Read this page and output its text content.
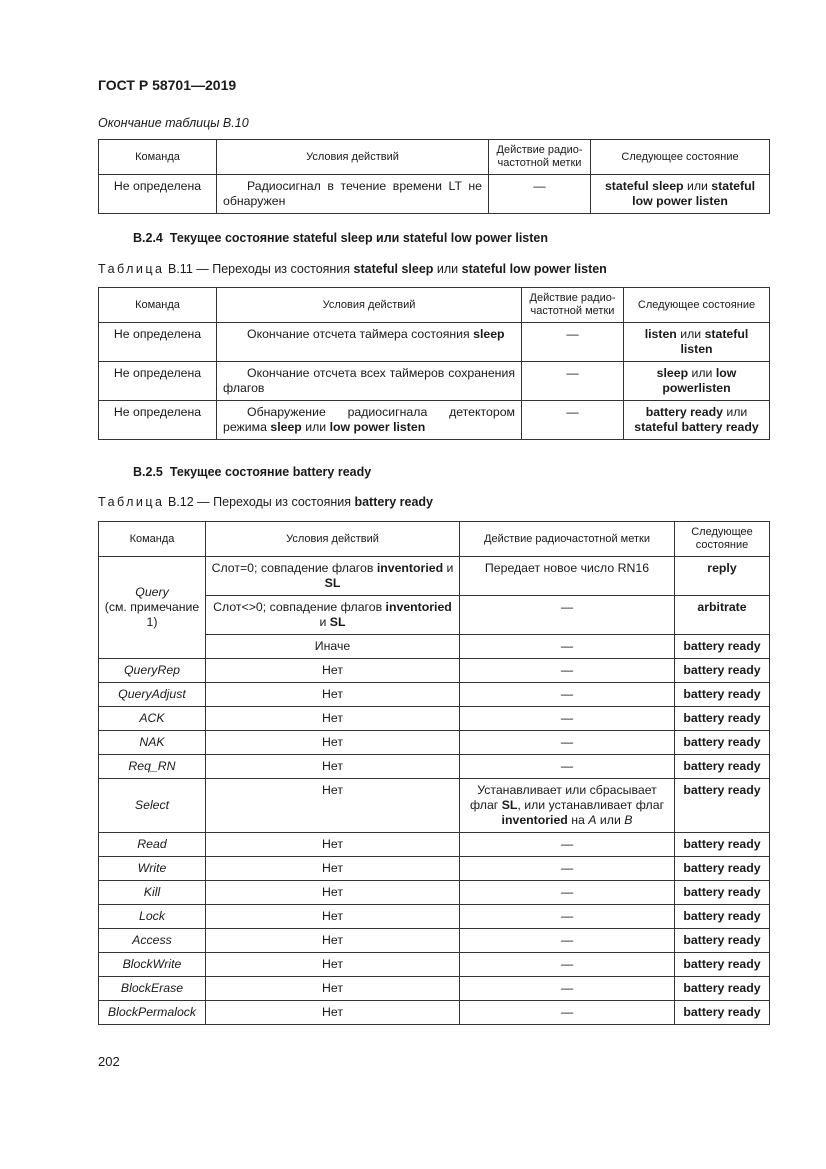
ГОСТ Р 58701—2019
Окончание таблицы B.10
Команда	Условия действий	Действие радио-частотной метки	Следующее состояние
Не определена	Радиосигнал в течение времени LT не обнаружен	—	stateful sleep или stateful low power listen
B.2.4 Текущее состояние stateful sleep или stateful low power listen
Таблица B.11 — Переходы из состояния stateful sleep или stateful low power listen
Команда	Условия действий	Действие радио-частотной метки	Следующее состояние
Не определена	Окончание отсчета таймера состояния sleep	—	listen или stateful listen
Не определена	Окончание отсчета всех таймеров сохранения флагов	—	sleep или low powerlisten
Не определена	Обнаружение радиосигнала детектором режима sleep или low power listen	—	battery ready или stateful battery ready
B.2.5 Текущее состояние battery ready
Таблица B.12 — Переходы из состояния battery ready
Команда	Условия действий	Действие радиочастотной метки	Следующее состояние
Query
(см. примечание 1)	Слот=0; совпадение флагов inventoried и SL	Передает новое число RN16	reply
	Слот<>0; совпадение флагов inventoried и SL	—	arbitrate
	Иначе	—	battery ready
QueryRep	Нет	—	battery ready
QueryAdjust	Нет	—	battery ready
ACK	Нет	—	battery ready
NAK	Нет	—	battery ready
Req_RN	Нет	—	battery ready
Select	Нет	Устанавливает или сбрасывает флаг SL, или устанавливает флаг inventoried на A или B	battery ready
Read	Нет	—	battery ready
Write	Нет	—	battery ready
Kill	Нет	—	battery ready
Lock	Нет	—	battery ready
Access	Нет	—	battery ready
BlockWrite	Нет	—	battery ready
BlockErase	Нет	—	battery ready
BlockPermalock	Нет	—	battery ready
202
